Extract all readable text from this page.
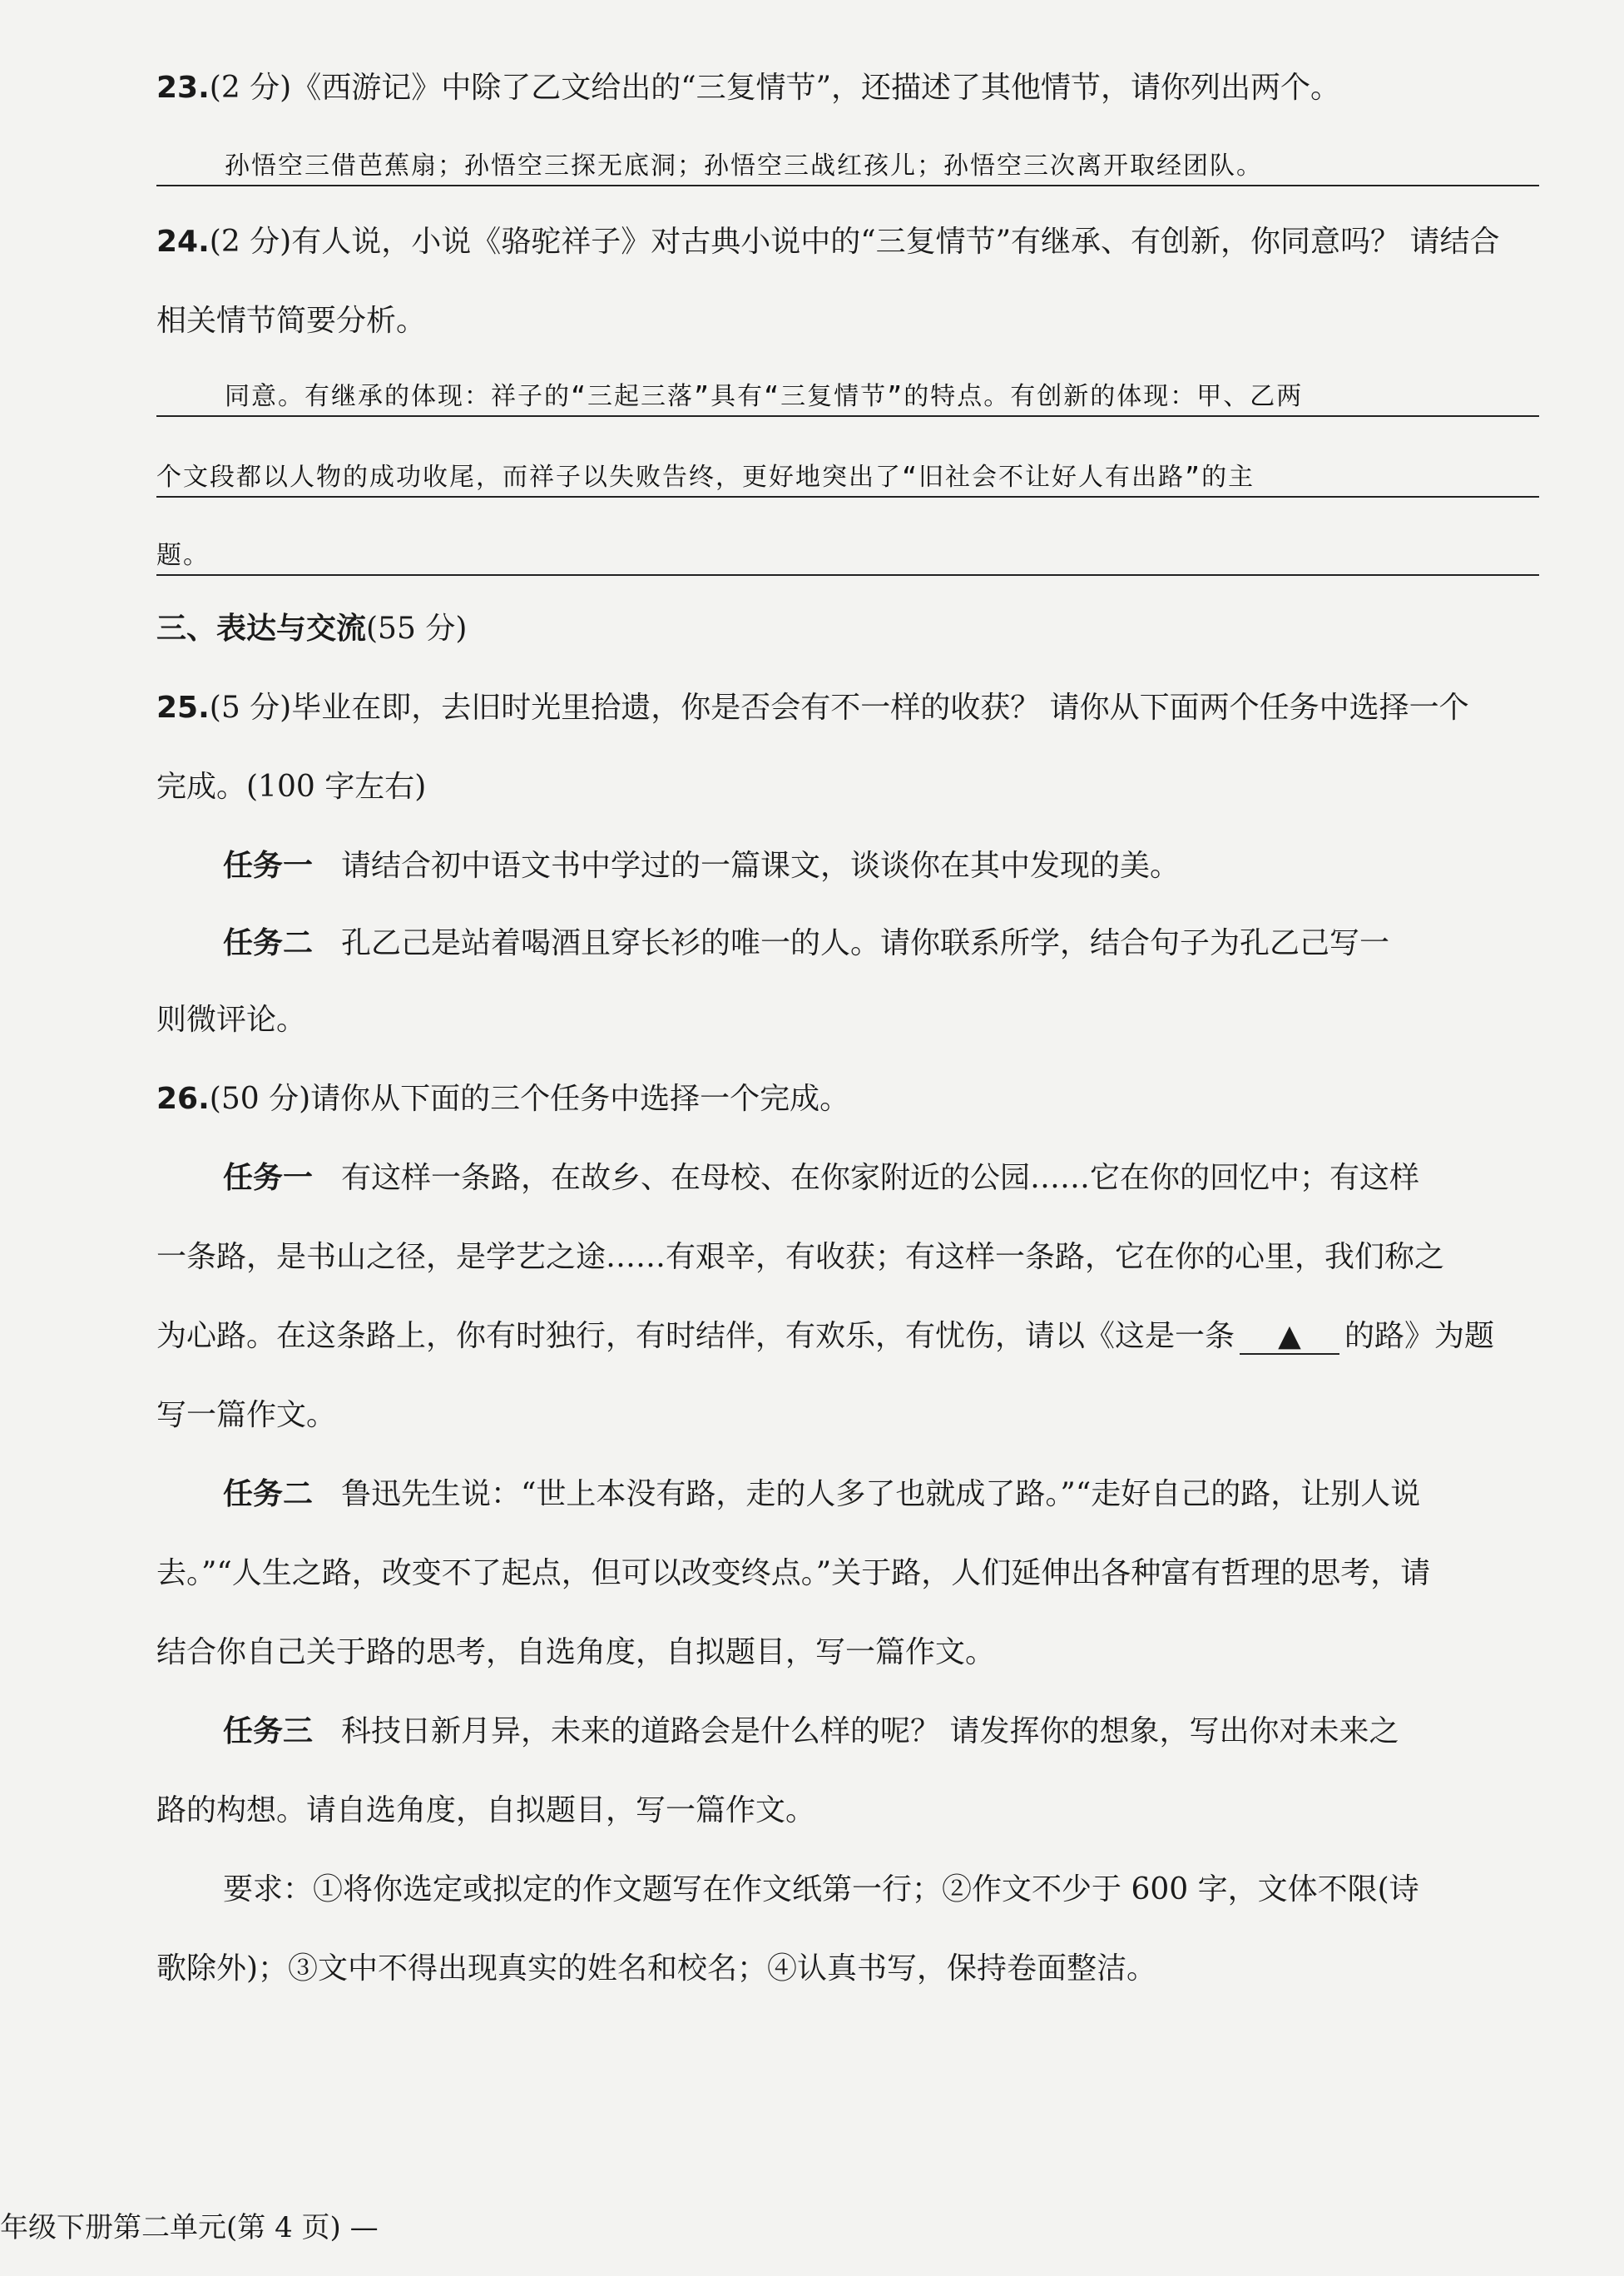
23.(2 分)《西游记》中除了乙文给出的“三复情节”，还描述了其他情节，请你列出两个。
孙悟空三借芭蕉扇；孙悟空三探无底洞；孙悟空三战红孩儿；孙悟空三次离开取经团队。
24.(2 分)有人说，小说《骆驼祥子》对古典小说中的“三复情节”有继承、有创新，你同意吗？ 请结合
相关情节简要分析。
同意。有继承的体现：祥子的“三起三落”具有“三复情节”的特点。有创新的体现：甲、乙两
个文段都以人物的成功收尾，而祥子以失败告终，更好地突出了“旧社会不让好人有出路”的主
题。
三、表达与交流(55 分)
25.(5 分)毕业在即，去旧时光里拾遗，你是否会有不一样的收获？ 请你从下面两个任务中选择一个
完成。(100 字左右)
任务一 请结合初中语文书中学过的一篇课文，谈谈你在其中发现的美。
任务二 孔乙己是站着喝酒且穿长衫的唯一的人。请你联系所学，结合句子为孔乙己写一
则微评论。
26.(50 分)请你从下面的三个任务中选择一个完成。
任务一 有这样一条路，在故乡、在母校、在你家附近的公园……它在你的回忆中；有这样
一条路，是书山之径，是学艺之途……有艰辛，有收获；有这样一条路，它在你的心里，我们称之
为心路。在这条路上，你有时独行，有时结伴，有欢乐，有忧伤，请以《这是一条 ▲ 的路》为题
写一篇作文。
任务二 鲁迅先生说：“世上本没有路，走的人多了也就成了路。”“走好自己的路，让别人说
去。”“人生之路，改变不了起点，但可以改变终点。”关于路，人们延伸出各种富有哲理的思考，请
结合你自己关于路的思考，自选角度，自拟题目，写一篇作文。
任务三 科技日新月异，未来的道路会是什么样的呢？ 请发挥你的想象，写出你对未来之
路的构想。请自选角度，自拟题目，写一篇作文。
要求：①将你选定或拟定的作文题写在作文纸第一行；②作文不少于 600 字，文体不限(诗
歌除外)；③文中不得出现真实的姓名和校名；④认真书写，保持卷面整洁。
年级下册第二单元(第 4 页) —
